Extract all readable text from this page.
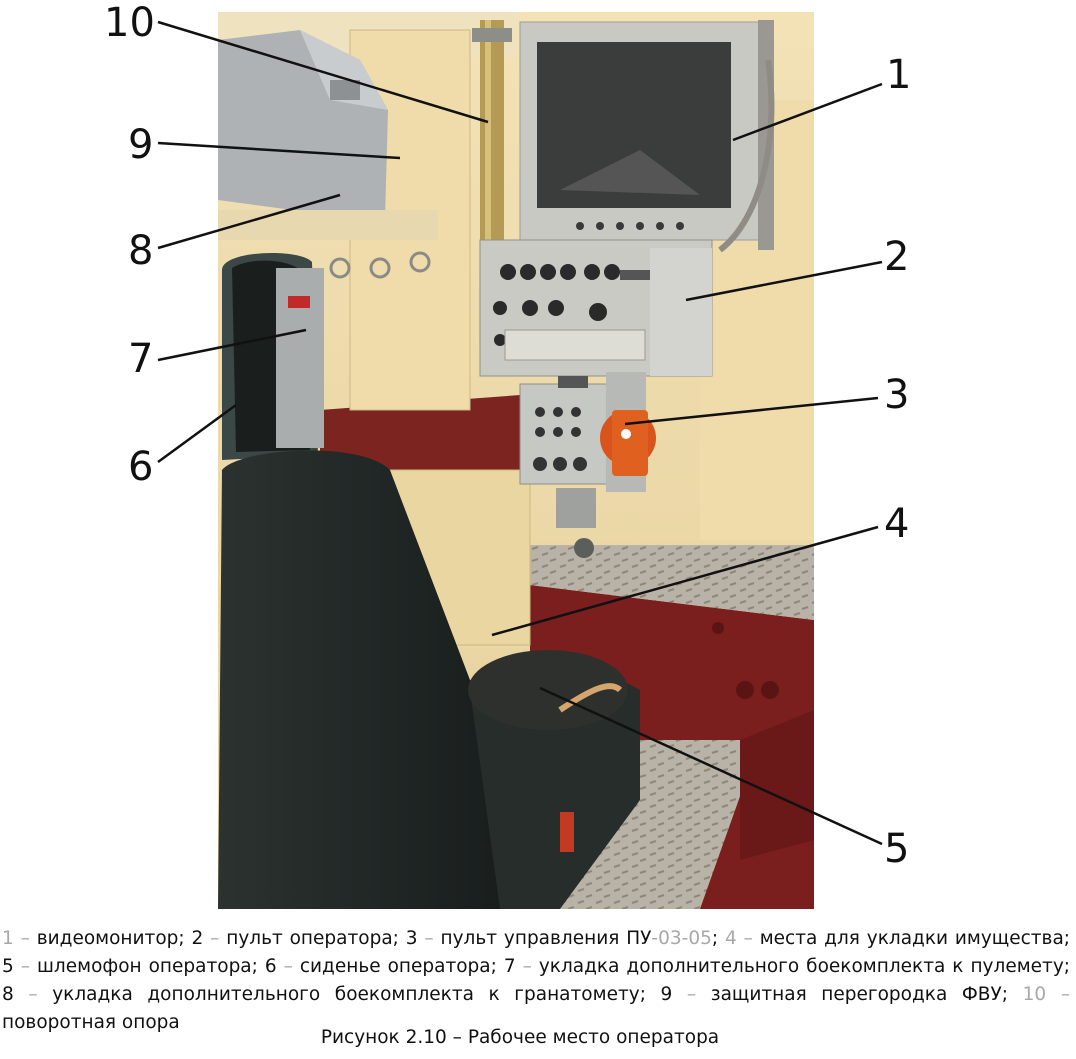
1
2
3
4
5
6
7
8
9
10

1 – видеомонитор; 2 – пульт оператора; 3 – пульт управления ПУ-03-05; 4 – места для укладки имущества; 5 – шлемофон оператора; 6 – сиденье оператора; 7 – укладка дополнительного боекомплекта к пулемету; 8 – укладка дополнительного боекомплекта к гранатомету; 9 – защитная перегородка ФВУ; 10 – поворотная опора

Рисунок 2.10 – Рабочее место оператора
